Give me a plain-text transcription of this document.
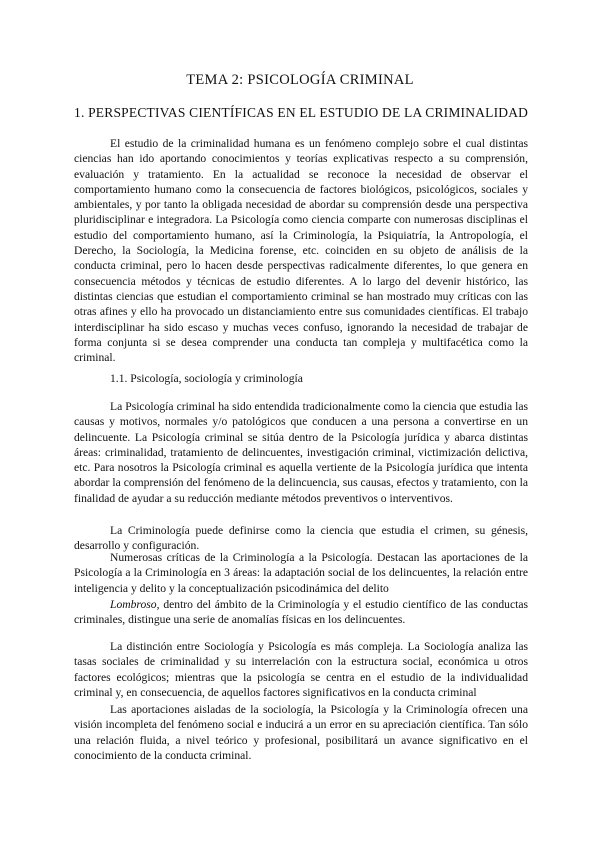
TEMA 2: PSICOLOGÍA CRIMINAL
1. PERSPECTIVAS CIENTÍFICAS EN EL ESTUDIO DE LA CRIMINALIDAD

El estudio de la criminalidad humana es un fenómeno complejo sobre el cual distintas ciencias han ido aportando conocimientos y teorías explicativas respecto a su comprensión, evaluación y tratamiento. En la actualidad se reconoce la necesidad de observar el comportamiento humano como la consecuencia de factores biológicos, psicológicos, sociales y ambientales, y por tanto la obligada necesidad de abordar su comprensión desde una perspectiva pluridisciplinar e integradora. La Psicología como ciencia comparte con numerosas disciplinas el estudio del comportamiento humano, así la Criminología, la Psiquiatría, la Antropología, el Derecho, la Sociología, la Medicina forense, etc. coinciden en su objeto de análisis de la conducta criminal, pero lo hacen desde perspectivas radicalmente diferentes, lo que genera en consecuencia métodos y técnicas de estudio diferentes. A lo largo del devenir histórico, las distintas ciencias que estudian el comportamiento criminal se han mostrado muy críticas con las otras afines y ello ha provocado un distanciamiento entre sus comunidades científicas. El trabajo interdisciplinar ha sido escaso y muchas veces confuso, ignorando la necesidad de trabajar de forma conjunta si se desea comprender una conducta tan compleja y multifacética como la criminal.

1.1. Psicología, sociología y criminología

La Psicología criminal ha sido entendida tradicionalmente como la ciencia que estudia las causas y motivos, normales y/o patológicos que conducen a una persona a convertirse en un delincuente. La Psicología criminal se sitúa dentro de la Psicología jurídica y abarca distintas áreas: criminalidad, tratamiento de delincuentes, investigación criminal, victimización delictiva, etc. Para nosotros la Psicología criminal es aquella vertiente de la Psicología jurídica que intenta abordar la comprensión del fenómeno de la delincuencia, sus causas, efectos y tratamiento, con la finalidad de ayudar a su reducción mediante métodos preventivos o interventivos.

La Criminología puede definirse como la ciencia que estudia el crimen, su génesis, desarrollo y configuración.

Numerosas críticas de la Criminología a la Psicología. Destacan las aportaciones de la Psicología a la Criminología en 3 áreas: la adaptación social de los delincuentes, la relación entre inteligencia y delito y la conceptualización psicodinámica del delito

Lombroso, dentro del ámbito de la Criminología y el estudio científico de las conductas criminales, distingue una serie de anomalías físicas en los delincuentes.

La distinción entre Sociología y Psicología es más compleja. La Sociología analiza las tasas sociales de criminalidad y su interrelación con la estructura social, económica u otros factores ecológicos; mientras que la psicología se centra en el estudio de la individualidad criminal y, en consecuencia, de aquellos factores significativos en la conducta criminal

Las aportaciones aisladas de la sociología, la Psicología y la Criminología ofrecen una visión incompleta del fenómeno social e inducirá a un error en su apreciación científica. Tan sólo una relación fluida, a nivel teórico y profesional, posibilitará un avance significativo en el conocimiento de la conducta criminal.
